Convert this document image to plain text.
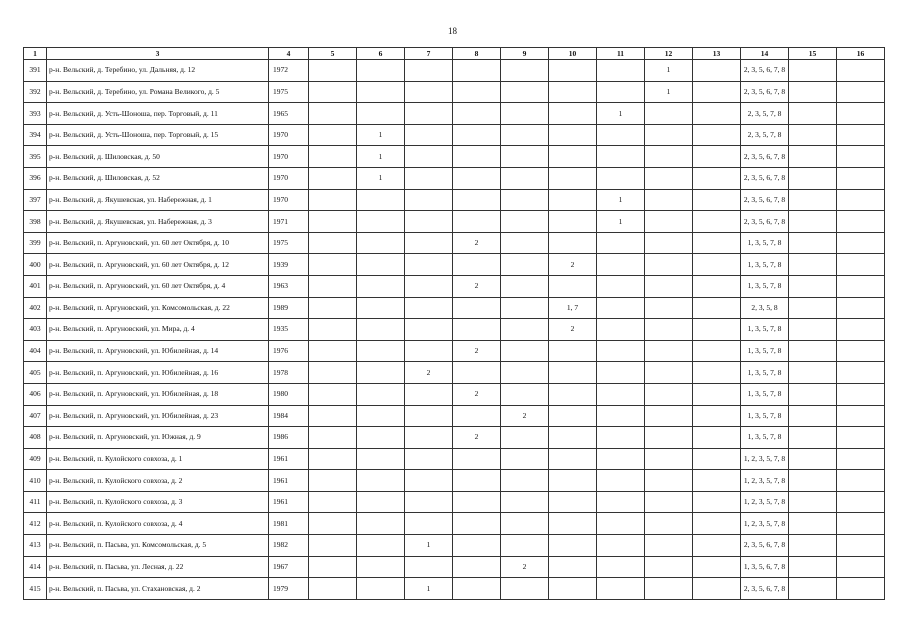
18
1	3	4	5	6	7	8	9	10	11	12	13	14	15	16
391	р-н. Вельский, д. Теребино, ул. Дальняя, д. 12	1972								1		2, 3, 5, 6, 7, 8		
392	р-н. Вельский, д. Теребино, ул. Романа Великого, д. 5	1975								1		2, 3, 5, 6, 7, 8		
393	р-н. Вельский, д. Усть-Шоноша, пер. Торговый, д. 11	1965							1			2, 3, 5, 7, 8		
394	р-н. Вельский, д. Усть-Шоноша, пер. Торговый, д. 15	1970		1								2, 3, 5, 7, 8		
395	р-н. Вельский, д. Шиловская, д. 50	1970		1								2, 3, 5, 6, 7, 8		
396	р-н. Вельский, д. Шиловская, д. 52	1970		1								2, 3, 5, 6, 7, 8		
397	р-н. Вельский, д. Якушевская, ул. Набережная, д. 1	1970							1			2, 3, 5, 6, 7, 8		
398	р-н. Вельский, д. Якушевская, ул. Набережная, д. 3	1971							1			2, 3, 5, 6, 7, 8		
399	р-н. Вельский, п. Аргуновский, ул. 60 лет Октября, д. 10	1975				2						1, 3, 5, 7, 8		
400	р-н. Вельский, п. Аргуновский, ул. 60 лет Октября, д. 12	1939						2				1, 3, 5, 7, 8		
401	р-н. Вельский, п. Аргуновский, ул. 60 лет Октября, д. 4	1963				2						1, 3, 5, 7, 8		
402	р-н. Вельский, п. Аргуновский, ул. Комсомольская, д. 22	1989						1, 7				2, 3, 5, 8		
403	р-н. Вельский, п. Аргуновский, ул. Мира, д. 4	1935						2				1, 3, 5, 7, 8		
404	р-н. Вельский, п. Аргуновский, ул. Юбилейная, д. 14	1976				2						1, 3, 5, 7, 8		
405	р-н. Вельский, п. Аргуновский, ул. Юбилейная, д. 16	1978			2							1, 3, 5, 7, 8		
406	р-н. Вельский, п. Аргуновский, ул. Юбилейная, д. 18	1980				2						1, 3, 5, 7, 8		
407	р-н. Вельский, п. Аргуновский, ул. Юбилейная, д. 23	1984					2					1, 3, 5, 7, 8		
408	р-н. Вельский, п. Аргуновский, ул. Южная, д. 9	1986				2						1, 3, 5, 7, 8		
409	р-н. Вельский, п. Кулойского совхоза, д. 1	1961										1, 2, 3, 5, 7, 8		
410	р-н. Вельский, п. Кулойского совхоза, д. 2	1961										1, 2, 3, 5, 7, 8		
411	р-н. Вельский, п. Кулойского совхоза, д. 3	1961										1, 2, 3, 5, 7, 8		
412	р-н. Вельский, п. Кулойского совхоза, д. 4	1981										1, 2, 3, 5, 7, 8		
413	р-н. Вельский, п. Пасьва, ул. Комсомольская, д. 5	1982			1							2, 3, 5, 6, 7, 8		
414	р-н. Вельский, п. Пасьва, ул. Лесная, д. 22	1967					2					1, 3, 5, 6, 7, 8		
415	р-н. Вельский, п. Пасьва, ул. Стахановская, д. 2	1979			1							2, 3, 5, 6, 7, 8		
